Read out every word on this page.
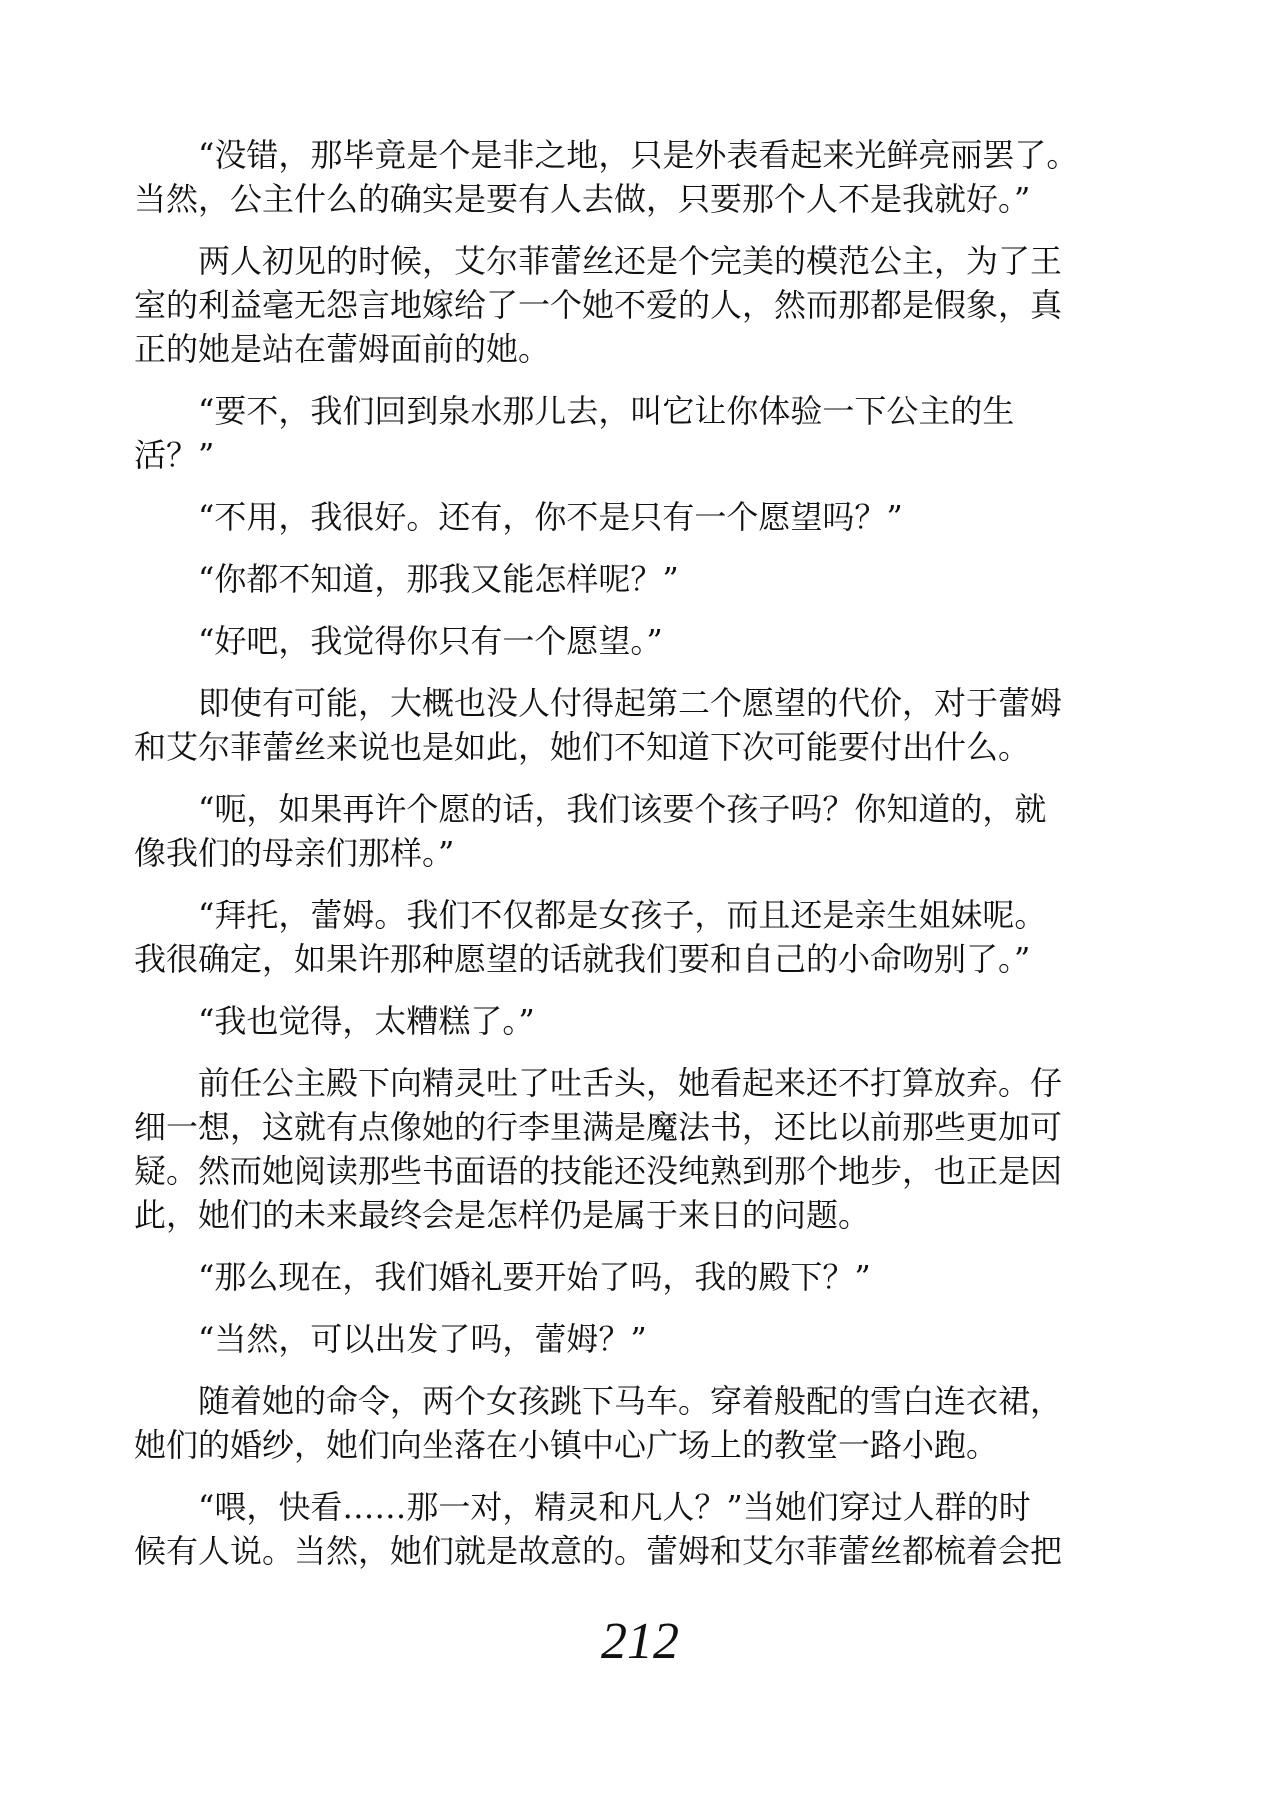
“没错，那毕竟是个是非之地，只是外表看起来光鲜亮丽罢了。
当然，公主什么的确实是要有人去做，只要那个人不是我就好。”
两人初见的时候，艾尔菲蕾丝还是个完美的模范公主，为了王
室的利益毫无怨言地嫁给了一个她不爱的人，然而那都是假象，真
正的她是站在蕾姆面前的她。
“要不，我们回到泉水那儿去，叫它让你体验一下公主的生
活？”
“不用，我很好。还有，你不是只有一个愿望吗？”
“你都不知道，那我又能怎样呢？”
“好吧，我觉得你只有一个愿望。”
即使有可能，大概也没人付得起第二个愿望的代价，对于蕾姆
和艾尔菲蕾丝来说也是如此，她们不知道下次可能要付出什么。
“呃，如果再许个愿的话，我们该要个孩子吗？你知道的，就
像我们的母亲们那样。”
“拜托，蕾姆。我们不仅都是女孩子，而且还是亲生姐妹呢。
我很确定，如果许那种愿望的话就我们要和自己的小命吻别了。”
“我也觉得，太糟糕了。”
前任公主殿下向精灵吐了吐舌头，她看起来还不打算放弃。仔
细一想，这就有点像她的行李里满是魔法书，还比以前那些更加可
疑。然而她阅读那些书面语的技能还没纯熟到那个地步，也正是因
此，她们的未来最终会是怎样仍是属于来日的问题。
“那么现在，我们婚礼要开始了吗，我的殿下？”
“当然，可以出发了吗，蕾姆？”
随着她的命令，两个女孩跳下马车。穿着般配的雪白连衣裙，
她们的婚纱，她们向坐落在小镇中心广场上的教堂一路小跑。
“喂，快看……那一对，精灵和凡人？”当她们穿过人群的时
候有人说。当然，她们就是故意的。蕾姆和艾尔菲蕾丝都梳着会把
212
